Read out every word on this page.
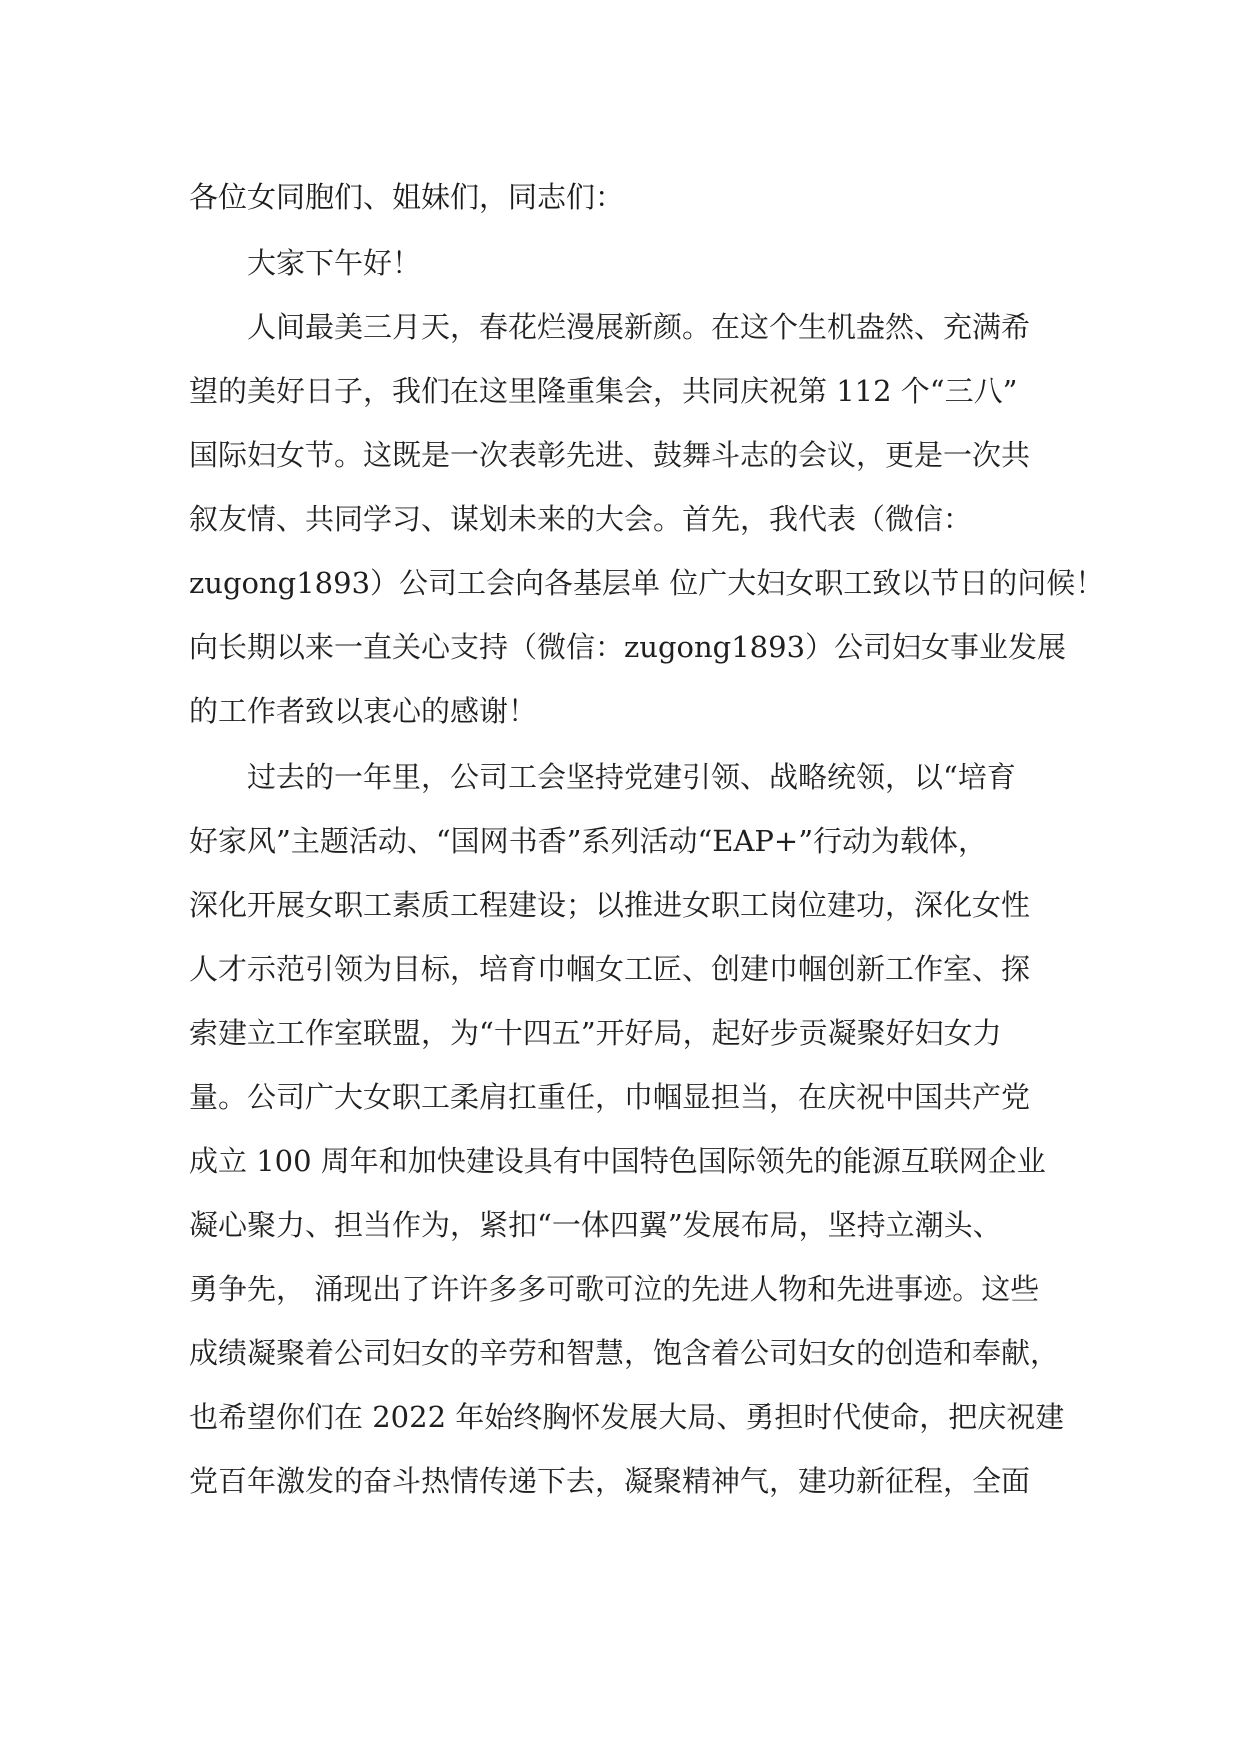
各位女同胞们、姐妹们，同志们：
大家下午好！
人间最美三月天，春花烂漫展新颜。在这个生机盎然、充满希
望的美好日子，我们在这里隆重集会，共同庆祝第 112 个“三八”
国际妇女节。这既是一次表彰先进、鼓舞斗志的会议，更是一次共
叙友情、共同学习、谋划未来的大会。首先，我代表（微信：
zugong1893）公司工会向各基层单 位广大妇女职工致以节日的问候！
向长期以来一直关心支持（微信：zugong1893）公司妇女事业发展
的工作者致以衷心的感谢！
过去的一年里，公司工会坚持党建引领、战略统领，以“培育
好家风”主题活动、“国网书香”系列活动“EAP+”行动为载体，
深化开展女职工素质工程建设；以推进女职工岗位建功，深化女性
人才示范引领为目标，培育巾帼女工匠、创建巾帼创新工作室、探
索建立工作室联盟，为“十四五”开好局，起好步贡凝聚好妇女力
量。公司广大女职工柔肩扛重任，巾帼显担当，在庆祝中国共产党
成立 100 周年和加快建设具有中国特色国际领先的能源互联网企业
凝心聚力、担当作为，紧扣“一体四翼”发展布局，坚持立潮头、
勇争先， 涌现出了许许多多可歌可泣的先进人物和先进事迹。这些
成绩凝聚着公司妇女的辛劳和智慧，饱含着公司妇女的创造和奉献，
也希望你们在 2022 年始终胸怀发展大局、勇担时代使命，把庆祝建
党百年激发的奋斗热情传递下去，凝聚精神气，建功新征程，全面
